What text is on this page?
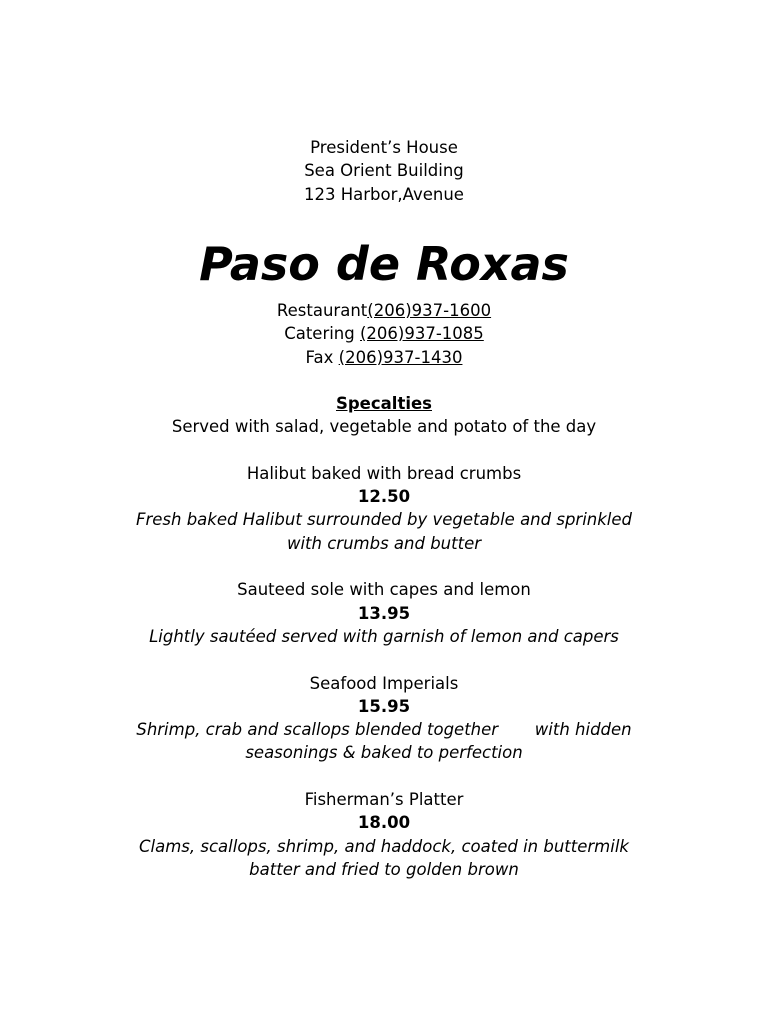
President’s House
Sea Orient Building
123 Harbor,Avenue
Paso de Roxas
Restaurant(206)937-1600
Catering (206)937-1085
Fax (206)937-1430
Specalties
Served with salad, vegetable and potato of the day
Halibut baked with bread crumbs
12.50
Fresh baked Halibut surrounded by vegetable and sprinkled
with crumbs and butter
Sauteed sole with capes and lemon
13.95
Lightly sautéed served with garnish of lemon and capers
Seafood Imperials
15.95
Shrimp, crab and scallops blended together       with hidden
seasonings & baked to perfection
Fisherman’s Platter
18.00
Clams, scallops, shrimp, and haddock, coated in buttermilk
batter and fried to golden brown
